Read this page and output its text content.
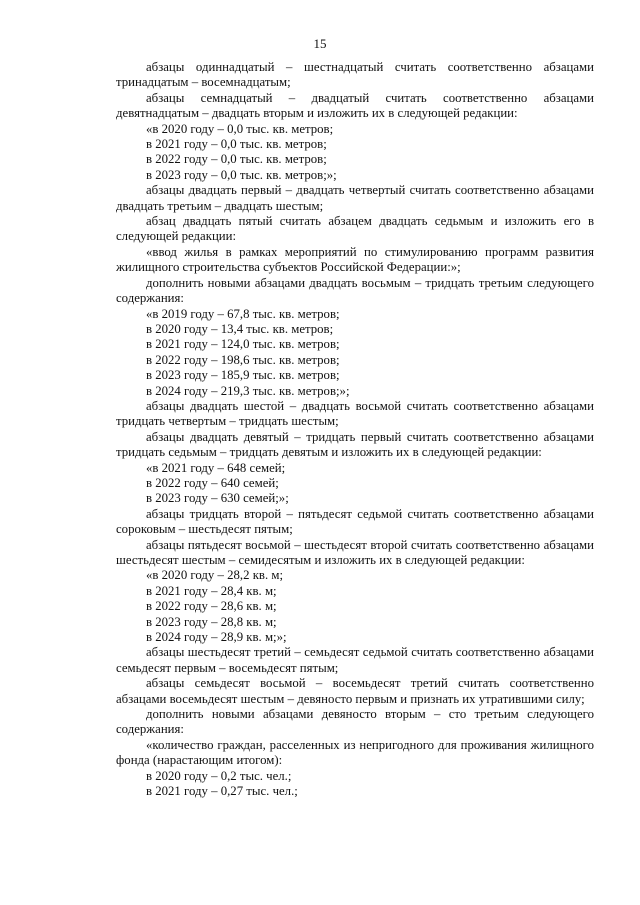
15

абзацы одиннадцатый – шестнадцатый считать соответственно абзацами тринадцатым – восемнадцатым;

абзацы семнадцатый – двадцатый считать соответственно абзацами девятнадцатым – двадцать вторым и изложить их в следующей редакции:

«в 2020 году – 0,0 тыс. кв. метров;

в 2021 году – 0,0 тыс. кв. метров;

в 2022 году – 0,0 тыс. кв. метров;

в 2023 году – 0,0 тыс. кв. метров;»;

абзацы двадцать первый – двадцать четвертый считать соответственно абзацами двадцать третьим – двадцать шестым;

абзац двадцать пятый считать абзацем двадцать седьмым и изложить его в следующей редакции:

«ввод жилья в рамках мероприятий по стимулированию программ развития жилищного строительства субъектов Российской Федерации:»;

дополнить новыми абзацами двадцать восьмым – тридцать третьим следующего содержания:

«в 2019 году – 67,8 тыс. кв. метров;

в 2020 году – 13,4 тыс. кв. метров;

в 2021 году – 124,0 тыс. кв. метров;

в 2022 году – 198,6 тыс. кв. метров;

в 2023 году – 185,9 тыс. кв. метров;

в 2024 году – 219,3 тыс. кв. метров;»;

абзацы двадцать шестой – двадцать восьмой считать соответственно абзацами тридцать четвертым – тридцать шестым;

абзацы двадцать девятый – тридцать первый считать соответственно абзацами тридцать седьмым – тридцать девятым и изложить их в следующей редакции:

«в 2021 году – 648 семей;

в 2022 году – 640 семей;

в 2023 году – 630 семей;»;

абзацы тридцать второй – пятьдесят седьмой считать соответственно абзацами сороковым – шестьдесят пятым;

абзацы пятьдесят восьмой – шестьдесят второй считать соответственно абзацами шестьдесят шестым – семидесятым и изложить их в следующей редакции:

«в 2020 году – 28,2 кв. м;

в 2021 году – 28,4 кв. м;

в 2022 году – 28,6 кв. м;

в 2023 году – 28,8 кв. м;

в 2024 году – 28,9 кв. м;»;

абзацы шестьдесят третий – семьдесят седьмой считать соответственно абзацами семьдесят первым – восемьдесят пятым;

абзацы семьдесят восьмой – восемьдесят третий считать соответственно абзацами восемьдесят шестым – девяносто первым и признать их утратившими силу;

дополнить новыми абзацами девяносто вторым – сто третьим следующего содержания:

«количество граждан, расселенных из непригодного для проживания жилищного фонда (нарастающим итогом):

в 2020 году – 0,2 тыс. чел.;

в 2021 году – 0,27 тыс. чел.;
